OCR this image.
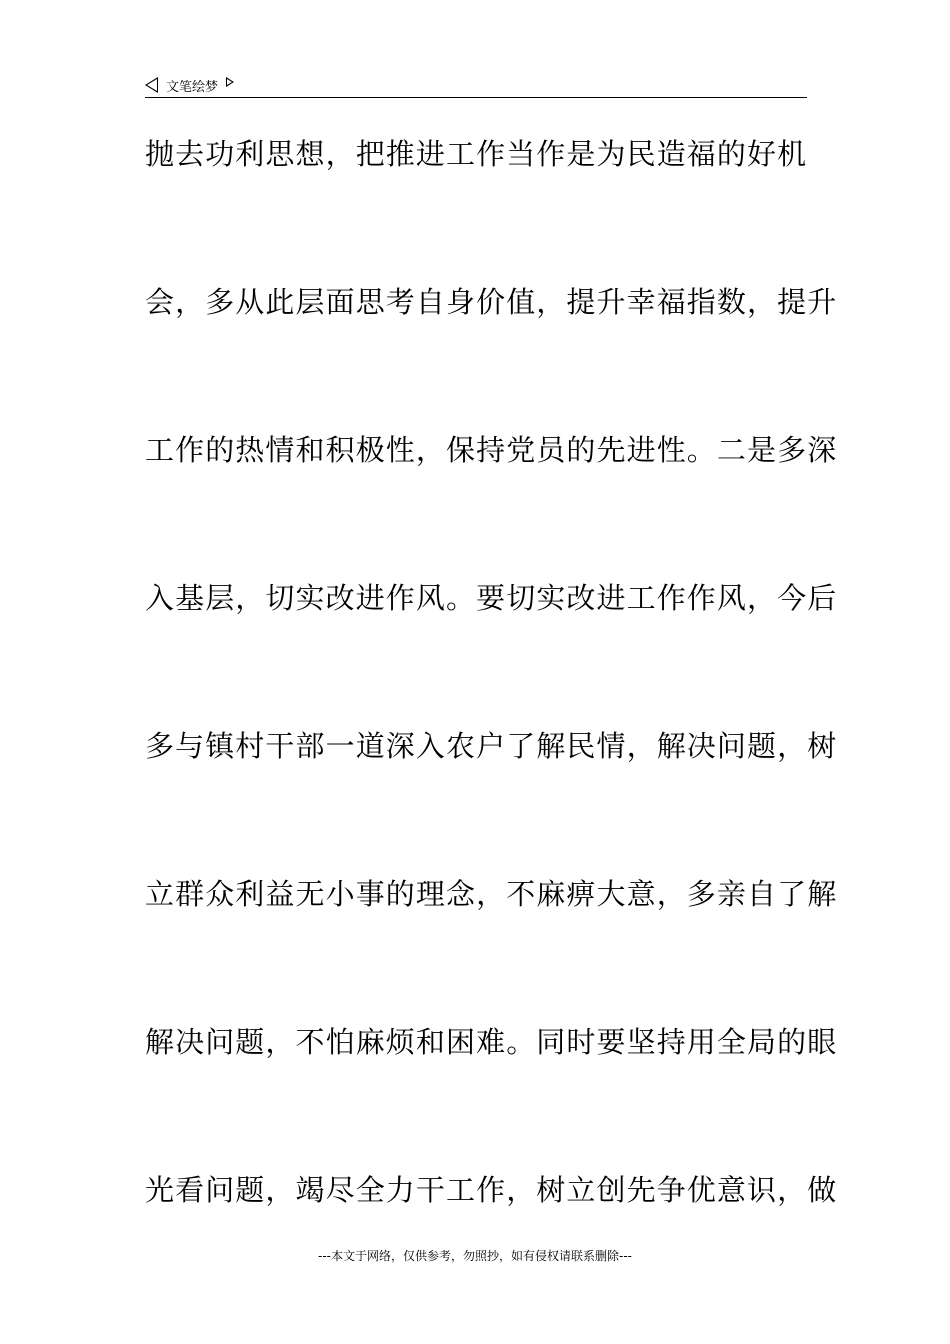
文笔绘梦
抛去功利思想，把推进工作当作是为民造福的好机
会，多从此层面思考自身价值，提升幸福指数，提升
工作的热情和积极性，保持党员的先进性。二是多深
入基层，切实改进作风。要切实改进工作作风，今后
多与镇村干部一道深入农户了解民情，解决问题，树
立群众利益无小事的理念，不麻痹大意，多亲自了解
解决问题，不怕麻烦和困难。同时要坚持用全局的眼
光看问题，竭尽全力干工作，树立创先争优意识，做
---本文于网络，仅供参考，勿照抄，如有侵权请联系删除---
